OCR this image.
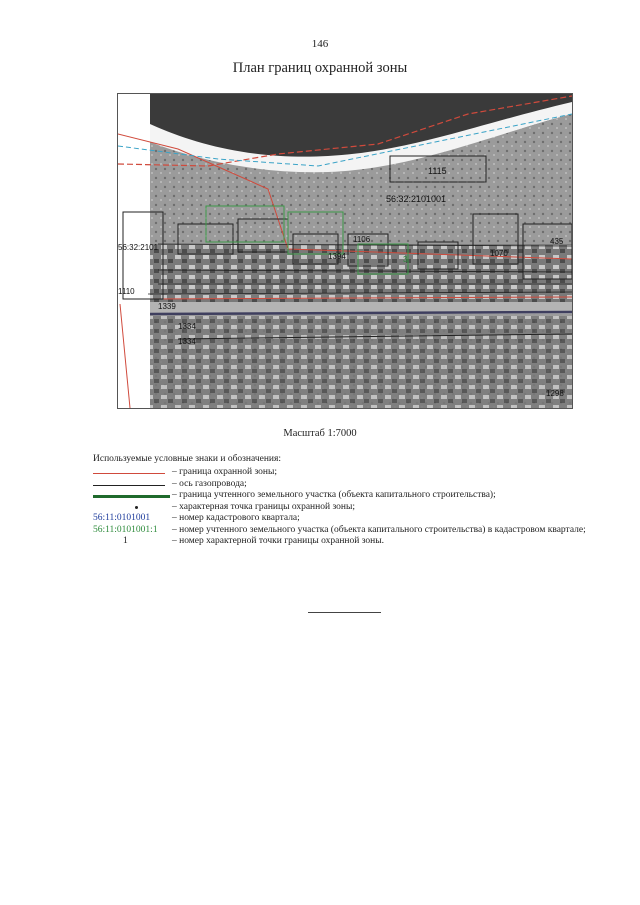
146
План границ охранной зоны
1115
56:32:2101001
56:32:2101
1110
1106
1334
1334
1339
1394	1070
1298
435
3
Масштаб 1:7000
Используемые условные знаки и обозначения:
– граница охранной зоны;
– ось газопровода;
– граница учтенного земельного участка (объекта капитального строительства);
– характерная точка границы охранной зоны;
56:11:0101001	– номер кадастрового квартала;
56:11:0101001:1	– номер учтенного земельного участка (объекта капитального строительства) в кадастровом квартале;
1	– номер характерной точки границы охранной зоны.
